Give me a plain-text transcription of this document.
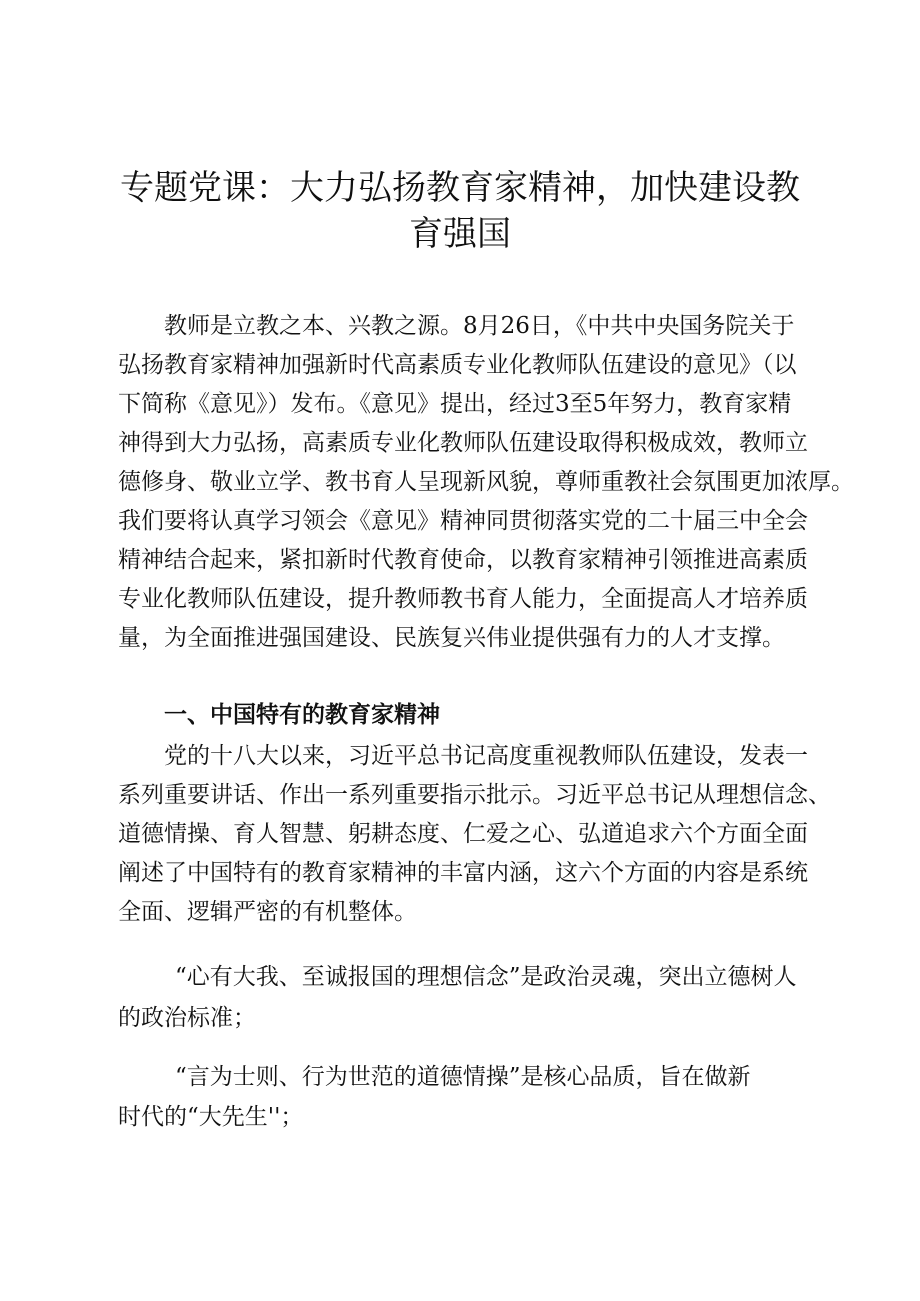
专题党课：大力弘扬教育家精神，加快建设教
育强国

教师是立教之本、兴教之源。8月26日，《中共中央国务院关于

弘扬教育家精神加强新时代高素质专业化教师队伍建设的意见》（以

下简称《意见》）发布。《意见》提出，经过3至5年努力，教育家精

神得到大力弘扬，高素质专业化教师队伍建设取得积极成效，教师立

德修身、敬业立学、教书育人呈现新风貌，尊师重教社会氛围更加浓厚。

我们要将认真学习领会《意见》精神同贯彻落实党的二十届三中全会

精神结合起来，紧扣新时代教育使命，以教育家精神引领推进高素质

专业化教师队伍建设，提升教师教书育人能力，全面提高人才培养质

量，为全面推进强国建设、民族复兴伟业提供强有力的人才支撑。

一、中国特有的教育家精神

党的十八大以来，习近平总书记高度重视教师队伍建设，发表一

系列重要讲话、作出一系列重要指示批示。习近平总书记从理想信念、

道德情操、育人智慧、躬耕态度、仁爱之心、弘道追求六个方面全面

阐述了中国特有的教育家精神的丰富内涵，这六个方面的内容是系统

全面、逻辑严密的有机整体。

“心有大我、至诚报国的理想信念”是政治灵魂，突出立德树人

的政治标准；

“言为士则、行为世范的道德情操”是核心品质，旨在做新

时代的“大先生''；
